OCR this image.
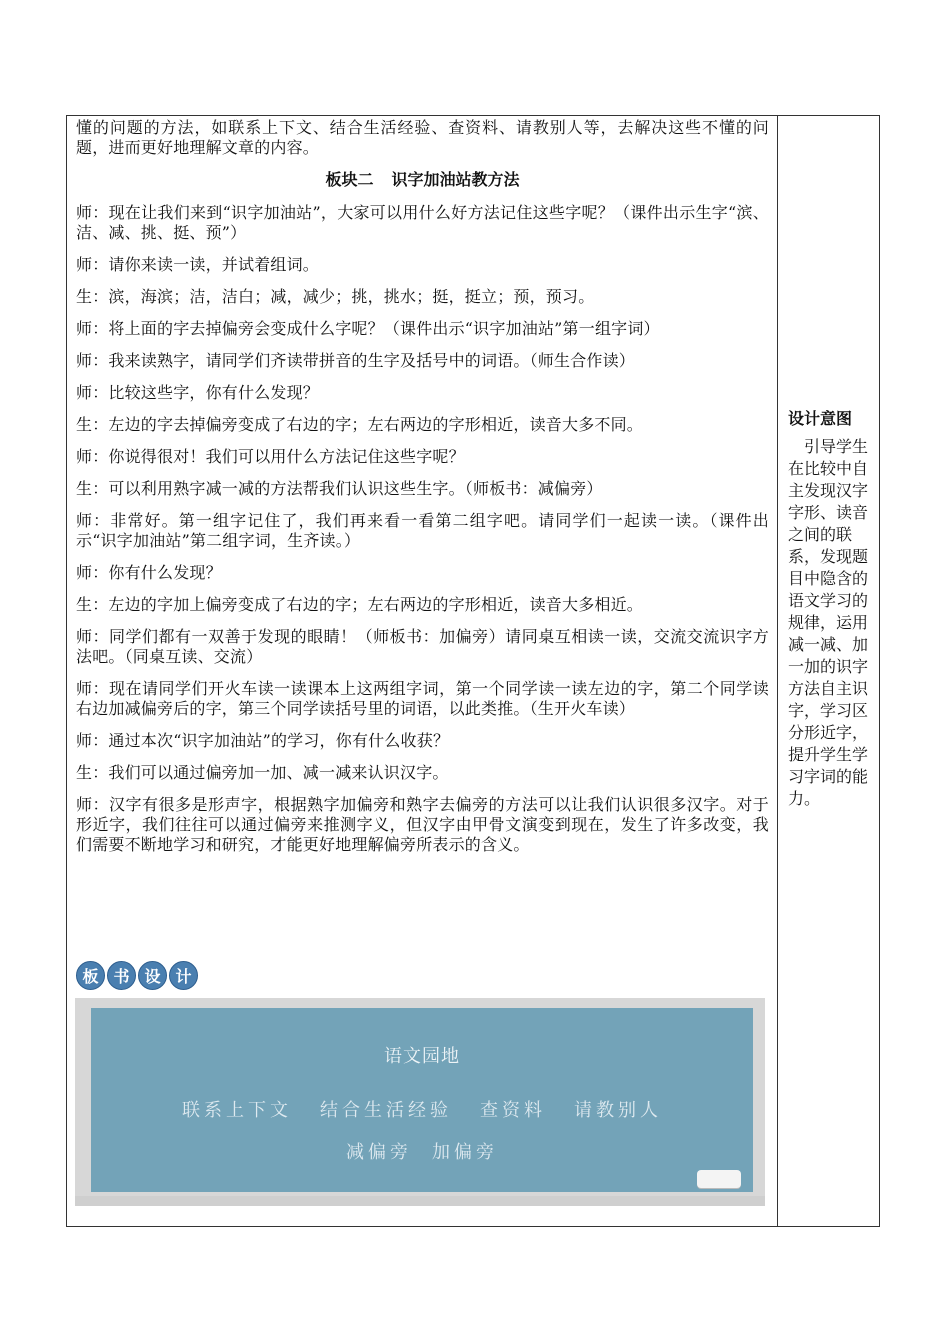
懂的问题的方法，如联系上下文、结合生活经验、查资料、请教别人等，去解决这些不懂的问题，进而更好地理解文章的内容。

板块二 识字加油站教方法

师：现在让我们来到“识字加油站”，大家可以用什么好方法记住这些字呢？（课件出示生字“滨、洁、减、挑、挺、预”）

师：请你来读一读，并试着组词。

生：滨，海滨；洁，洁白；减，减少；挑，挑水；挺，挺立；预，预习。

师：将上面的字去掉偏旁会变成什么字呢？（课件出示“识字加油站”第一组字词）

师：我来读熟字，请同学们齐读带拼音的生字及括号中的词语。（师生合作读）

师：比较这些字，你有什么发现？

生：左边的字去掉偏旁变成了右边的字；左右两边的字形相近，读音大多不同。

师：你说得很对！我们可以用什么方法记住这些字呢？

生：可以利用熟字减一减的方法帮我们认识这些生字。（师板书：减偏旁）

师：非常好。第一组字记住了，我们再来看一看第二组字吧。请同学们一起读一读。（课件出示“识字加油站”第二组字词，生齐读。）

师：你有什么发现？

生：左边的字加上偏旁变成了右边的字；左右两边的字形相近，读音大多相近。

师：同学们都有一双善于发现的眼睛！（师板书：加偏旁）请同桌互相读一读，交流交流识字方法吧。（同桌互读、交流）

师：现在请同学们开火车读一读课本上这两组字词，第一个同学读一读左边的字，第二个同学读右边加减偏旁后的字，第三个同学读括号里的词语，以此类推。（生开火车读）

师：通过本次“识字加油站”的学习，你有什么收获？

生：我们可以通过偏旁加一加、减一减来认识汉字。

师：汉字有很多是形声字，根据熟字加偏旁和熟字去偏旁的方法可以让我们认识很多汉字。对于形近字，我们往往可以通过偏旁来推测字义，但汉字由甲骨文演变到现在，发生了许多改变，我们需要不断地学习和研究，才能更好地理解偏旁所表示的含义。

板 书 设 计
语文园地
联系上下文 结合生活经验 查资料 请教别人
减偏旁 加偏旁
设计意图
　引导学生在比较中自主发现汉字字形、读音之间的联系，发现题目中隐含的语文学习的规律，运用减一减、加一加的识字方法自主识字，学习区分形近字，提升学生学习字词的能力。
